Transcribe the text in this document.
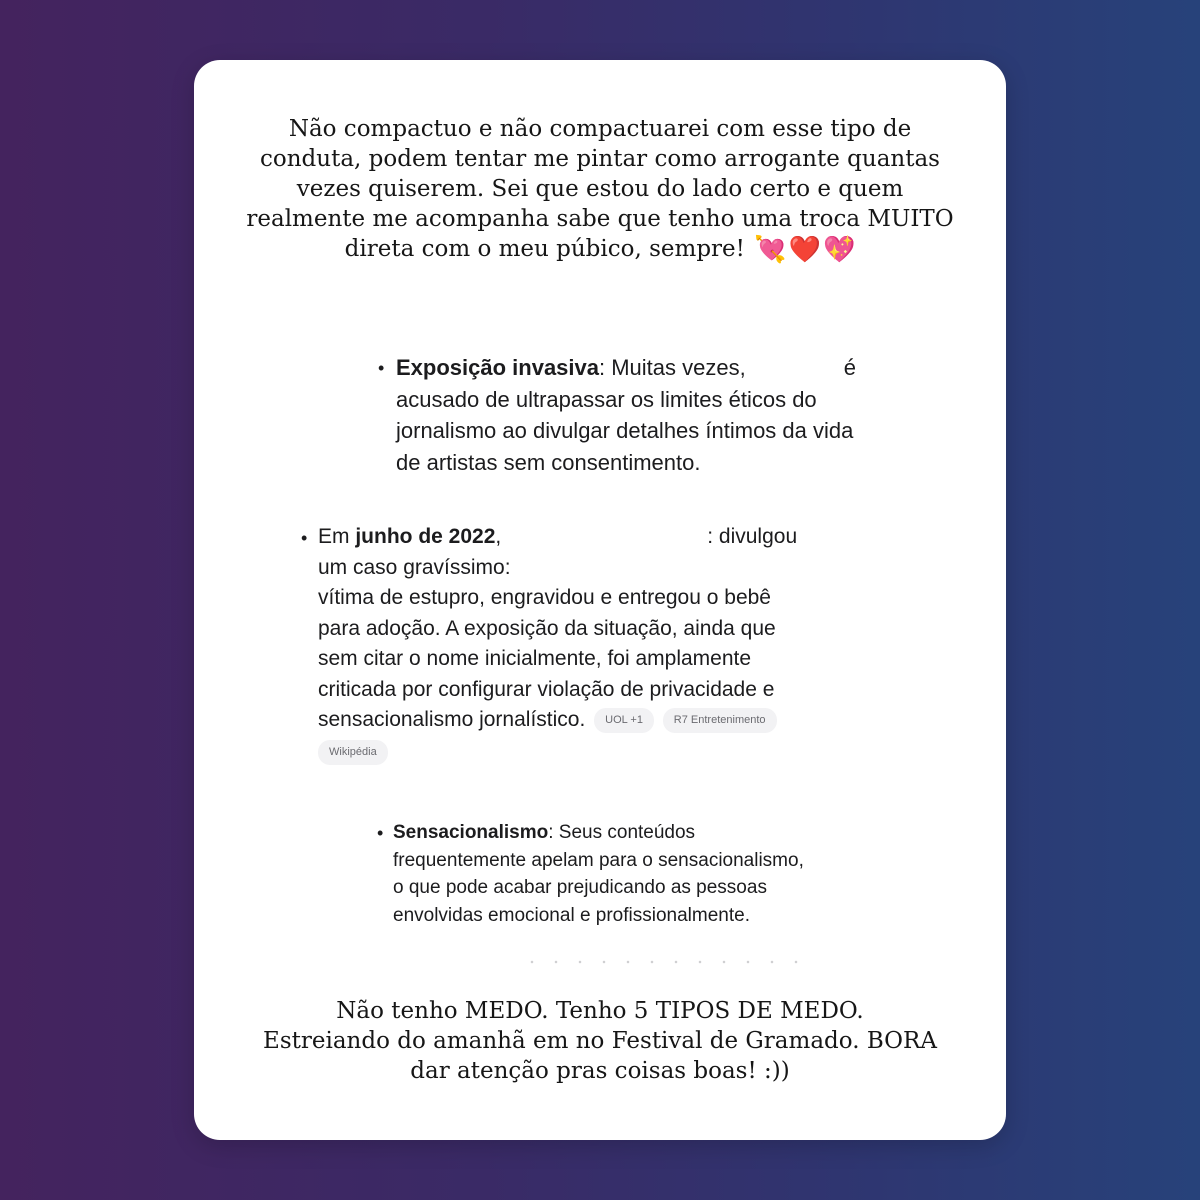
Não compactuo e não compactuarei com esse tipo de
conduta, podem tentar me pintar como arrogante quantas
vezes quiserem. Sei que estou do lado certo e quem
realmente me acompanha sabe que tenho uma troca MUITO
direta com o meu púbico, sempre! 💘❤️💖
• Exposição invasiva: Muitas vezes,	é
acusado de ultrapassar os limites éticos do
jornalismo ao divulgar detalhes íntimos da vida
de artistas sem consentimento.
• Em junho de 2022,	: divulgou
um caso gravíssimo:
vítima de estupro, engravidou e entregou o bebê
para adoção. A exposição da situação, ainda que
sem citar o nome inicialmente, foi amplamente
criticada por configurar violação de privacidade e
sensacionalismo jornalístico. UOL +1	R7 Entretenimento
Wikipédia
• Sensacionalismo: Seus conteúdos
frequentemente apelam para o sensacionalismo,
o que pode acabar prejudicando as pessoas
envolvidas emocional e profissionalmente.
Não tenho MEDO. Tenho 5 TIPOS DE MEDO.
Estreiando do amanhã em no Festival de Gramado. BORA
dar atenção pras coisas boas! :))
